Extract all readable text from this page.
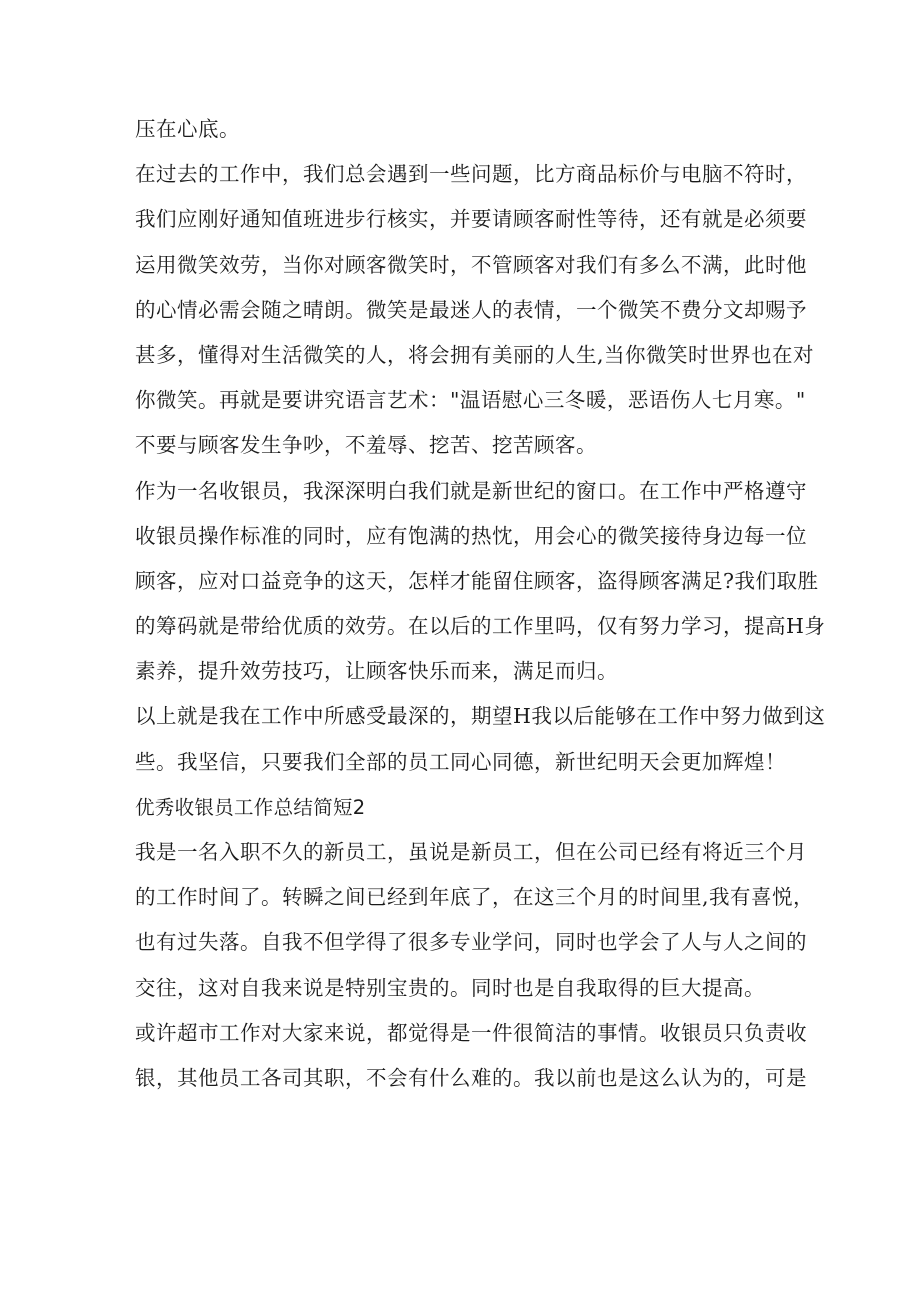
压在心底。
在过去的工作中，我们总会遇到一些问题，比方商品标价与电脑不符时，
我们应刚好通知值班进步行核实，并要请顾客耐性等待，还有就是必须要
运用微笑效劳，当你对顾客微笑时，不管顾客对我们有多么不满，此时他
的心情必需会随之晴朗。微笑是最迷人的表情，一个微笑不费分文却赐予
甚多，懂得对生活微笑的人，将会拥有美丽的人生,当你微笑时世界也在对
你微笑。再就是要讲究语言艺术："温语慰心三冬暖，恶语伤人七月寒。"
不要与顾客发生争吵，不羞辱、挖苦、挖苦顾客。
作为一名收银员，我深深明白我们就是新世纪的窗口。在工作中严格遵守
收银员操作标准的同时，应有饱满的热忱，用会心的微笑接待身边每一位
顾客，应对口益竞争的这天，怎样才能留住顾客，盗得顾客满足?我们取胜
的筹码就是带给优质的效劳。在以后的工作里吗，仅有努力学习，提高H身
素养，提升效劳技巧，让顾客快乐而来，满足而归。
以上就是我在工作中所感受最深的，期望H我以后能够在工作中努力做到这
些。我坚信，只要我们全部的员工同心同德，新世纪明天会更加辉煌！
优秀收银员工作总结简短2
我是一名入职不久的新员工，虽说是新员工，但在公司已经有将近三个月
的工作时间了。转瞬之间已经到年底了，在这三个月的时间里,我有喜悦，
也有过失落。自我不但学得了很多专业学问，同时也学会了人与人之间的
交往，这对自我来说是特别宝贵的。同时也是自我取得的巨大提高。
或许超市工作对大家来说，都觉得是一件很简洁的事情。收银员只负责收
银，其他员工各司其职，不会有什么难的。我以前也是这么认为的，可是
